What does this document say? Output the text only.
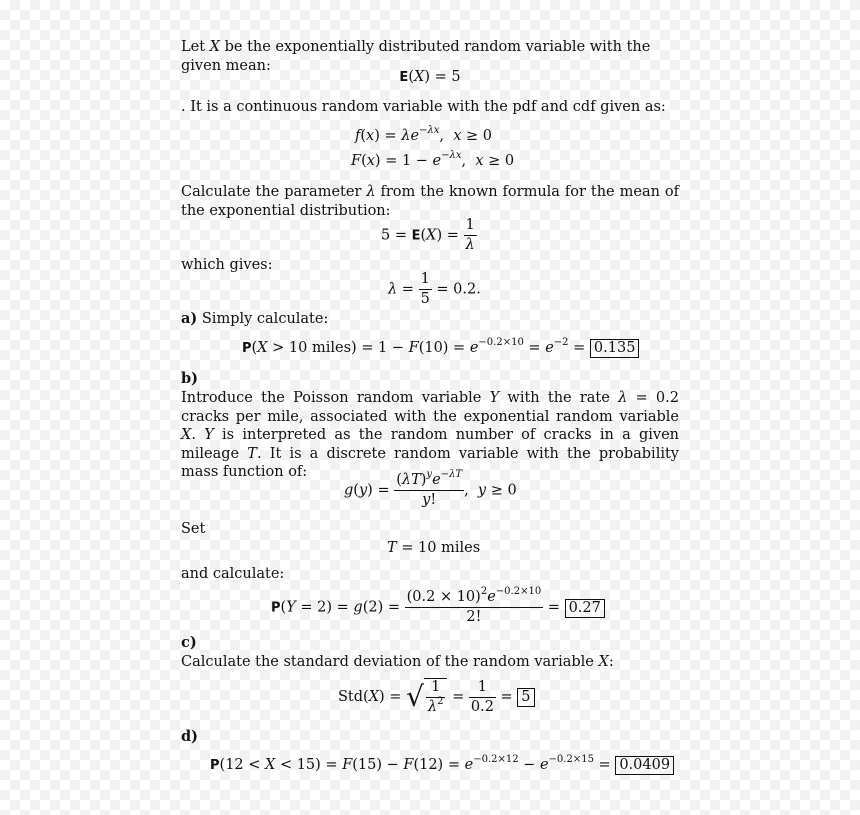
Let X be the exponentially distributed random variable with the given mean:
E(X) = 5
. It is a continuous random variable with the pdf and cdf given as:
$f(x) = \lambda e^{-\lambda x}$,  x ≥ 0
$F(x) = 1 - e^{-\lambda x}$,  x ≥ 0
Calculate the parameter λ from the known formula for the mean of the exponential distribution:
$5 = E(X) = \frac{1}{\lambda}$
which gives:
$\lambda = \frac{1}{5} = 0.2$.
a) Simply calculate:
P(X > 10 miles) = $1 - F(10) = e^{-0.2\times 10} = e^{-2} = 0.135$
b)
Introduce the Poisson random variable Y with the rate λ = 0.2 cracks per mile, associated with the exponential random variable X. Y is interpreted as the random number of cracks in a given mileage T. It is a discrete random variable with the probability mass function of:
$g(y) = \frac{(\lambda T)^ye^{-\lambda T}}{y!}$ ,  y ≥ 0
Set
T = 10 miles
and calculate:
$P(Y = 2) = g(2) = \frac{(0.2 \times 10)^2e^{-0.2\times 10}}{2!} = 0.27$
c)
Calculate the standard deviation of the random variable X:
Std(X) = √ $\frac{1}{\lambda^2} = \frac{1}{0.2} = 5$
d)
$P(12 < X < 15) = F(15) - F(12) = e^{-0.2\times 12} - e^{-0.2\times 15} = 0.0409$
